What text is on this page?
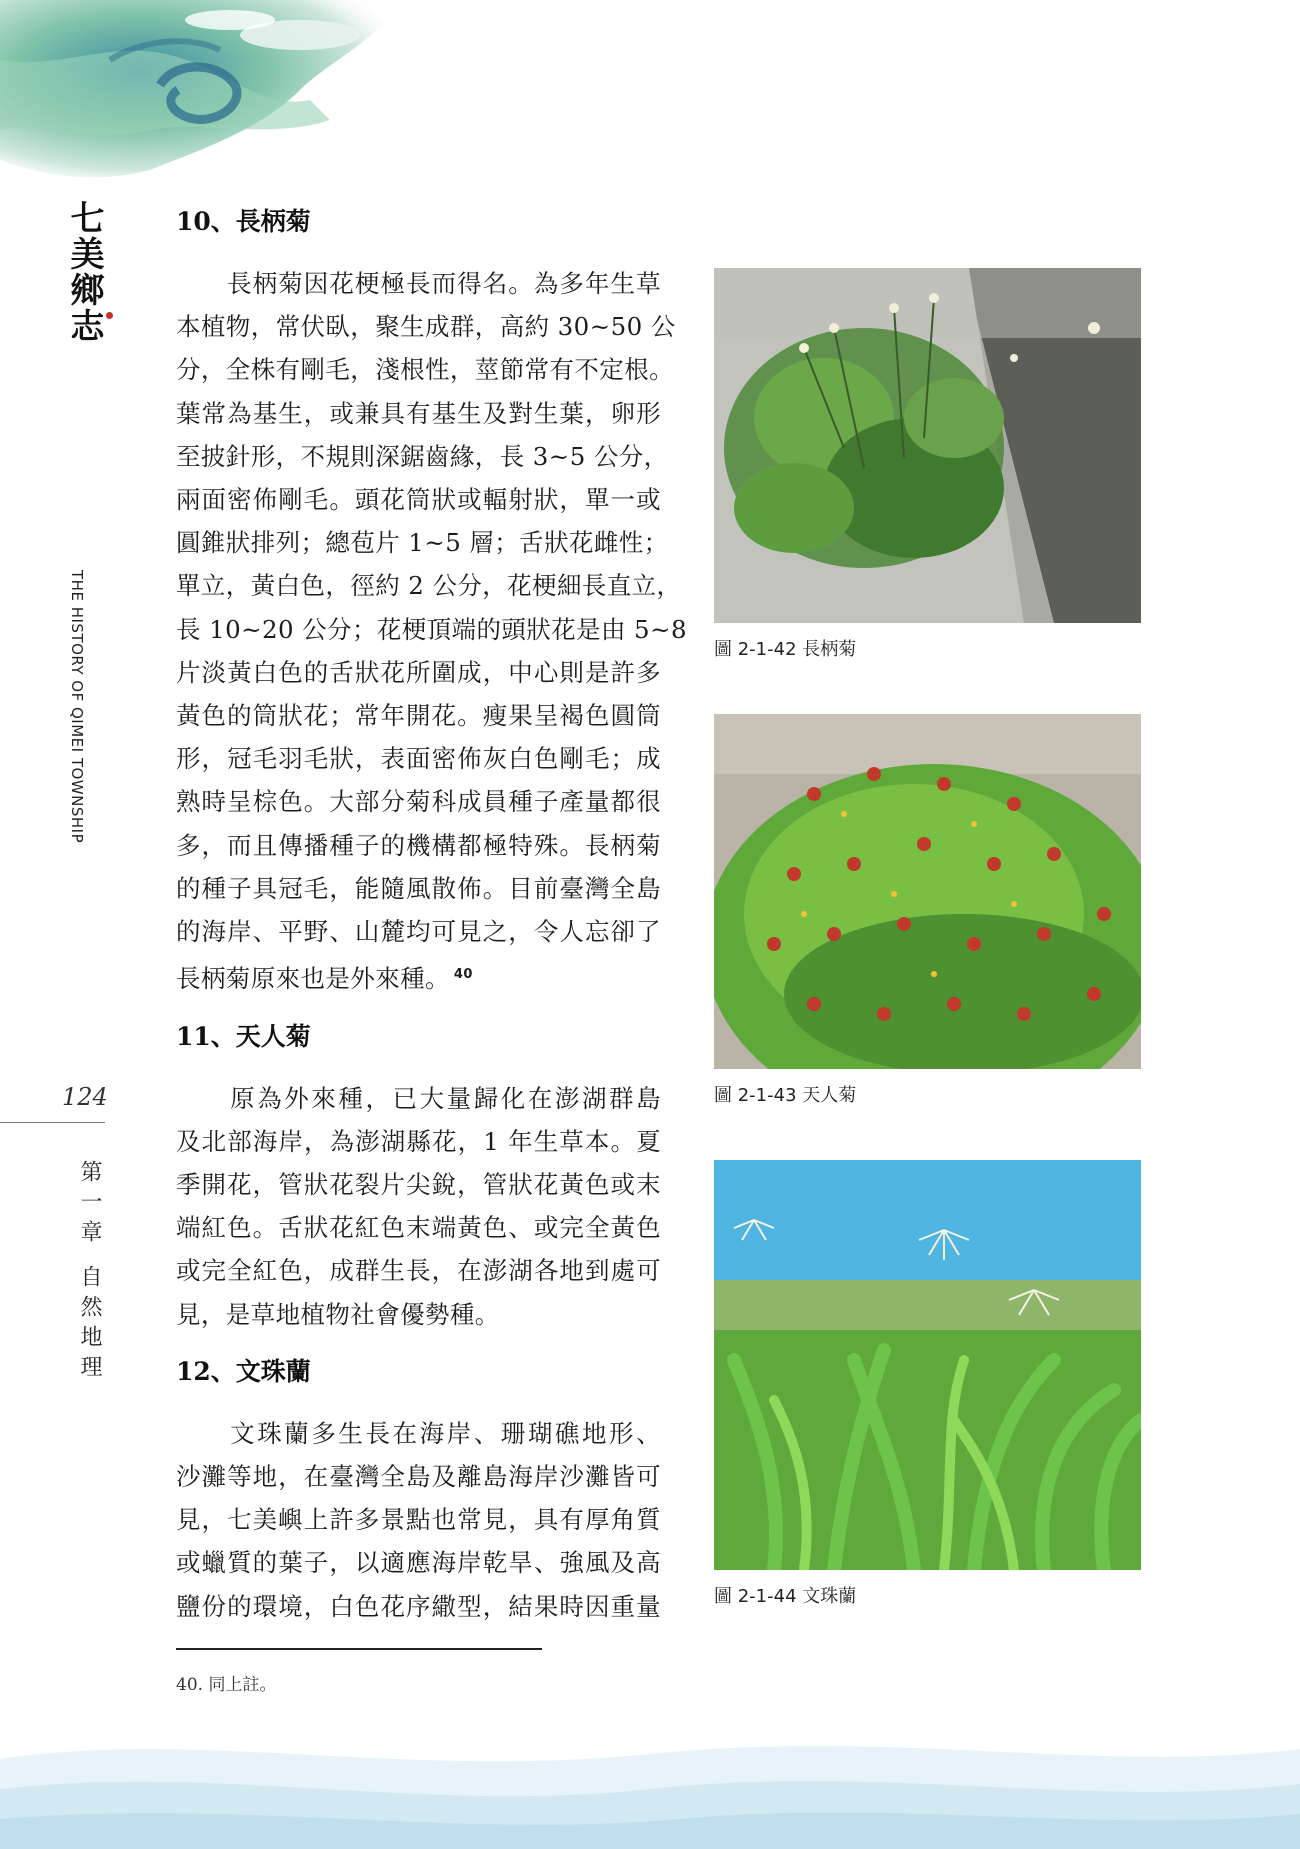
七美鄉志
THE HISTORY OF QIMEI TOWNSHIP
124
第一章 自然地理
10、長柄菊

　　長柄菊因花梗極長而得名。為多年生草
本植物，常伏臥，聚生成群，高約 30~50 公
分，全株有剛毛，淺根性，莖節常有不定根。
葉常為基生，或兼具有基生及對生葉，卵形
至披針形，不規則深鋸齒緣，長 3~5 公分，
兩面密佈剛毛。頭花筒狀或輻射狀，單一或
圓錐狀排列；總苞片 1~5 層；舌狀花雌性；
單立，黃白色，徑約 2 公分，花梗細長直立，
長 10~20 公分；花梗頂端的頭狀花是由 5~8
片淡黃白色的舌狀花所圍成，中心則是許多
黃色的筒狀花；常年開花。瘦果呈褐色圓筒
形，冠毛羽毛狀，表面密佈灰白色剛毛；成
熟時呈棕色。大部分菊科成員種子產量都很
多，而且傳播種子的機構都極特殊。長柄菊
的種子具冠毛，能隨風散佈。目前臺灣全島
的海岸、平野、山麓均可見之，令人忘卻了
長柄菊原來也是外來種。 $^{40}$

11、天人菊

　　原為外來種，已大量歸化在澎湖群島
及北部海岸，為澎湖縣花，1 年生草本。夏
季開花，管狀花裂片尖銳，管狀花黃色或末
端紅色。舌狀花紅色末端黃色、或完全黃色
或完全紅色，成群生長，在澎湖各地到處可
見，是草地植物社會優勢種。

12、文珠蘭

　　文珠蘭多生長在海岸、珊瑚礁地形、
沙灘等地，在臺灣全島及離島海岸沙灘皆可
見，七美嶼上許多景點也常見，具有厚角質
或蠟質的葉子，以適應海岸乾旱、強風及高
鹽份的環境，白色花序繖型，結果時因重量

40. 同上註。
圖 2-1-42 長柄菊
圖 2-1-43 天人菊
圖 2-1-44 文珠蘭
